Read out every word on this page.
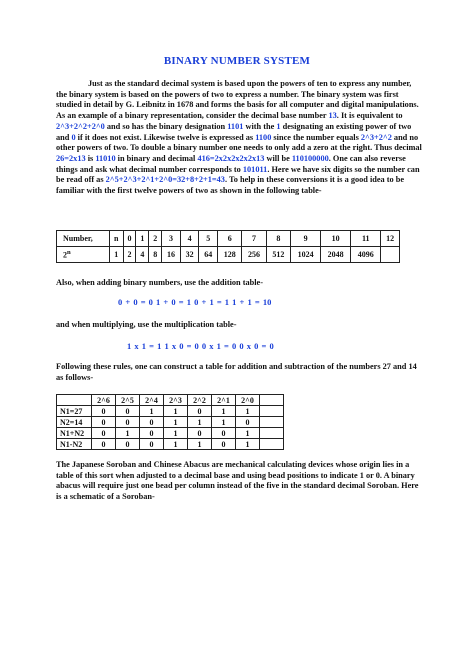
BINARY NUMBER SYSTEM
Just as the standard decimal system is based upon the powers of ten to express any number, the binary system is based on the powers of two to express a number. The binary system was first studied in detail by G. Leibnitz in 1678 and forms the basis for all computer and digital manipulations. As an example of a binary representation, consider the decimal base number 13. It is equivalent to 2^3+2^2+2^0 and so has the binary designation 1101 with the 1 designating an existing power of two and 0 if it does not exist. Likewise twelve is expressed as 1100 since the number equals 2^3+2^2 and no other powers of two. To double a binary number one needs to only add a zero at the right. Thus decimal 26=2x13 is 11010 in binary and decimal 416=2x2x2x2x2x13 will be 110100000. One can also reverse things and ask what decimal number corresponds to 101011. Here we have six digits so the number can be read off as 2^5+2^3+2^1+2^0=32+8+2+1=43. To help in these conversions it is a good idea to be familiar with the first twelve powers of two as shown in the following table-
Number,	n	0	1	2	3	4	5	6	7	8	9	10	11	12
2$^n$	1	2	4	8	16	32	64	128	256	512	1024	2048	4096	
Also, when adding binary numbers, use the addition table-
0 + 0 = 0 1 + 0 = 1 0 + 1 = 1 1 + 1 = 10
and when multiplying, use the multiplication table-
1 x 1 = 1 1 x 0 = 0 0 x 1 = 0 0 x 0 = 0
Following these rules, one can construct a table for addition and subtraction of the numbers 27 and 14 as follows-
	2^6	2^5	2^4	2^3	2^2	2^1	2^0	
N1=27	0	0	1	1	0	1	1	
N2=14	0	0	0	1	1	1	0	
N1+N2	0	1	0	1	0	0	1	
N1-N2	0	0	0	1	1	0	1	
The Japanese Soroban and Chinese Abacus are mechanical calculating devices whose origin lies in a table of this sort when adjusted to a decimal base and using bead positions to indicate 1 or 0. A binary abacus will require just one bead per column instead of the five in the standard decimal Soroban. Here is a schematic of a Soroban-
